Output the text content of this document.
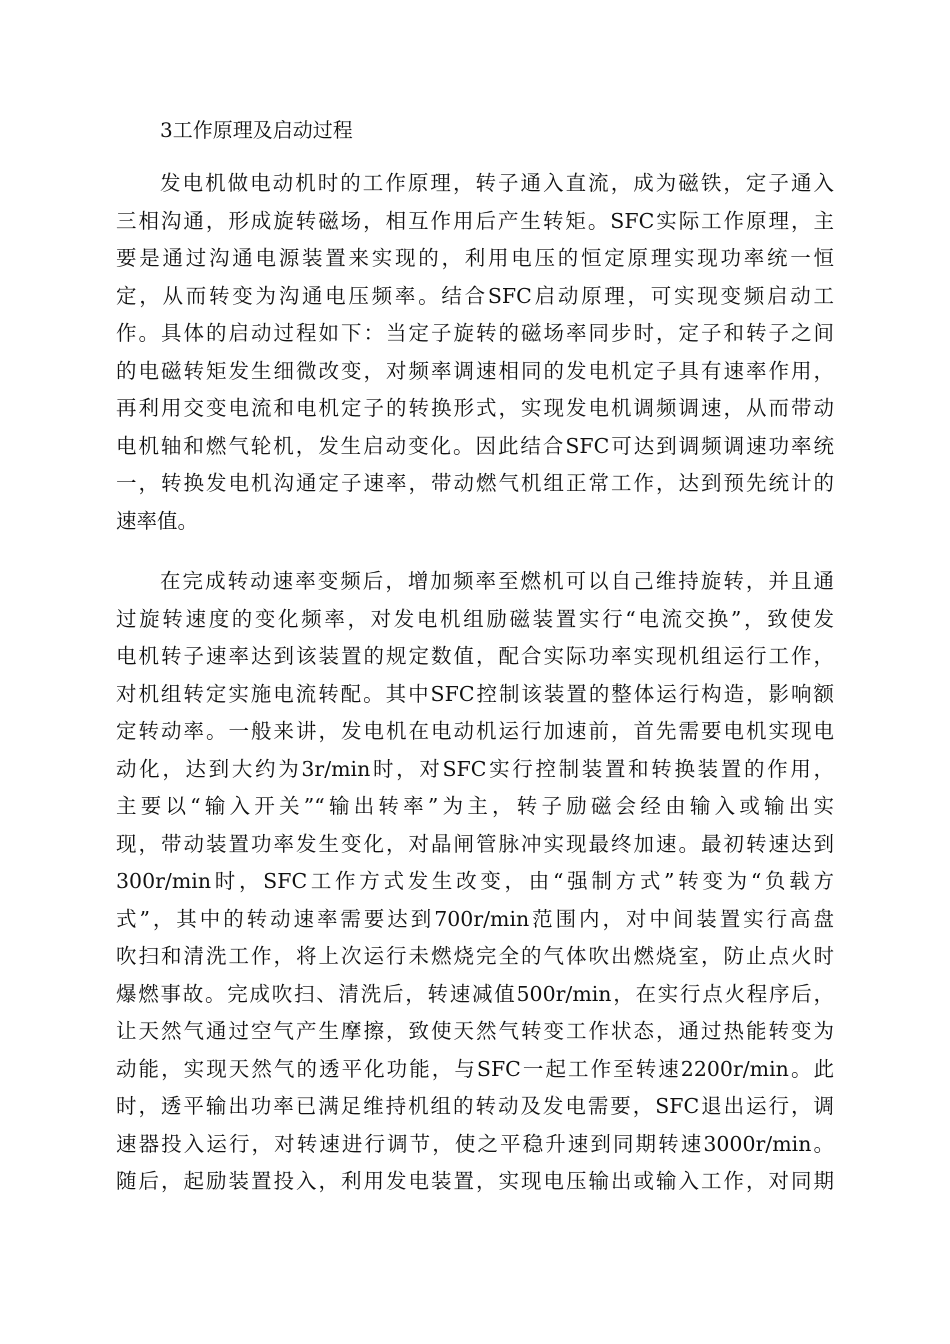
3工作原理及启动过程
发电机做电动机时的工作原理，转子通入直流，成为磁铁，定子通入
三相沟通，形成旋转磁场，相互作用后产生转矩。SFC实际工作原理，主
要是通过沟通电源装置来实现的，利用电压的恒定原理实现功率统一恒
定，从而转变为沟通电压频率。结合SFC启动原理，可实现变频启动工
作。具体的启动过程如下：当定子旋转的磁场率同步时，定子和转子之间
的电磁转矩发生细微改变，对频率调速相同的发电机定子具有速率作用，
再利用交变电流和电机定子的转换形式，实现发电机调频调速，从而带动
电机轴和燃气轮机，发生启动变化。因此结合SFC可达到调频调速功率统
一，转换发电机沟通定子速率，带动燃气机组正常工作，达到预先统计的
速率值。
在完成转动速率变频后，增加频率至燃机可以自己维持旋转，并且通
过旋转速度的变化频率，对发电机组励磁装置实行“电流交换”，致使发
电机转子速率达到该装置的规定数值，配合实际功率实现机组运行工作，
对机组转定实施电流转配。其中SFC控制该装置的整体运行构造，影响额
定转动率。一般来讲，发电机在电动机运行加速前，首先需要电机实现电
动化，达到大约为3r/min时，对SFC实行控制装置和转换装置的作用，
主要以“输入开关”“输出转率”为主，转子励磁会经由输入或输出实
现，带动装置功率发生变化，对晶闸管脉冲实现最终加速。最初转速达到
300r/min时，SFC工作方式发生改变，由“强制方式”转变为“负载方
式”，其中的转动速率需要达到700r/min范围内，对中间装置实行高盘
吹扫和清洗工作，将上次运行未燃烧完全的气体吹出燃烧室，防止点火时
爆燃事故。完成吹扫、清洗后，转速减值500r/min，在实行点火程序后，
让天然气通过空气产生摩擦，致使天然气转变工作状态，通过热能转变为
动能，实现天然气的透平化功能，与SFC一起工作至转速2200r/min。此
时，透平输出功率已满足维持机组的转动及发电需要，SFC退出运行，调
速器投入运行，对转速进行调节，使之平稳升速到同期转速3000r/min。
随后，起励装置投入，利用发电装置，实现电压输出或输入工作，对同期
